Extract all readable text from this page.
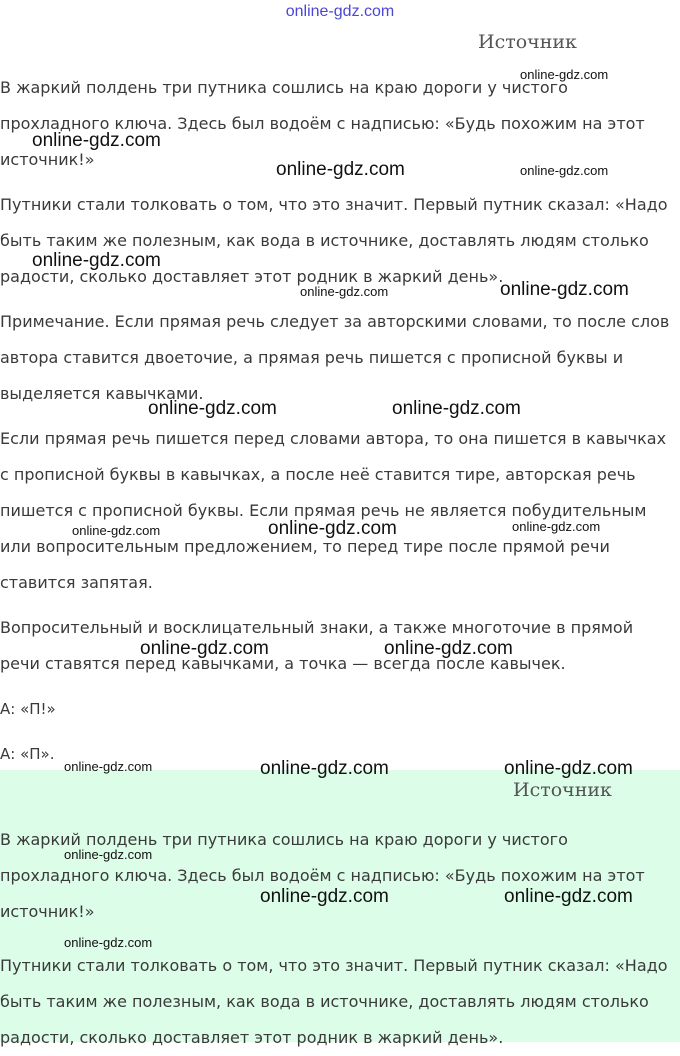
online-gdz.com
Источник

В жаркий полдень три путника сошлись на краю дороги у чистого прохладного ключа. Здесь был водоём с надписью: «Будь похожим на этот источник!»

Путники стали толковать о том, что это значит. Первый путник сказал: «Надо быть таким же полезным, как вода в источнике, доставлять людям столько радости, сколько доставляет этот родник в жаркий день».

Примечание. Если прямая речь следует за авторскими словами, то после слов автора ставится двоеточие, а прямая речь пишется с прописной буквы и выделяется кавычками.

Если прямая речь пишется перед словами автора, то она пишется в кавычках с прописной буквы в кавычках, а после неё ставится тире, авторская речь пишется с прописной буквы. Если прямая речь не является побудительным или вопросительным предложением, то перед тире после прямой речи ставится запятая.

Вопросительный и восклицательный знаки, а также многоточие в прямой речи ставятся перед кавычками, а точка — всегда после кавычек.

А: «П!»

А: «П».

Источник

В жаркий полдень три путника сошлись на краю дороги у чистого прохладного ключа. Здесь был водоём с надписью: «Будь похожим на этот источник!»

Путники стали толковать о том, что это значит. Первый путник сказал: «Надо быть таким же полезным, как вода в источнике, доставлять людям столько радости, сколько доставляет этот родник в жаркий день».

online-gdz.com
online-gdz.com
online-gdz.com	online-gdz.com
online-gdz.com
online-gdz.com	online-gdz.com
online-gdz.com	online-gdz.com
online-gdz.com	online-gdz.com	online-gdz.com
online-gdz.com	online-gdz.com
online-gdz.com	online-gdz.com	online-gdz.com
online-gdz.com
online-gdz.com	online-gdz.com
online-gdz.com
